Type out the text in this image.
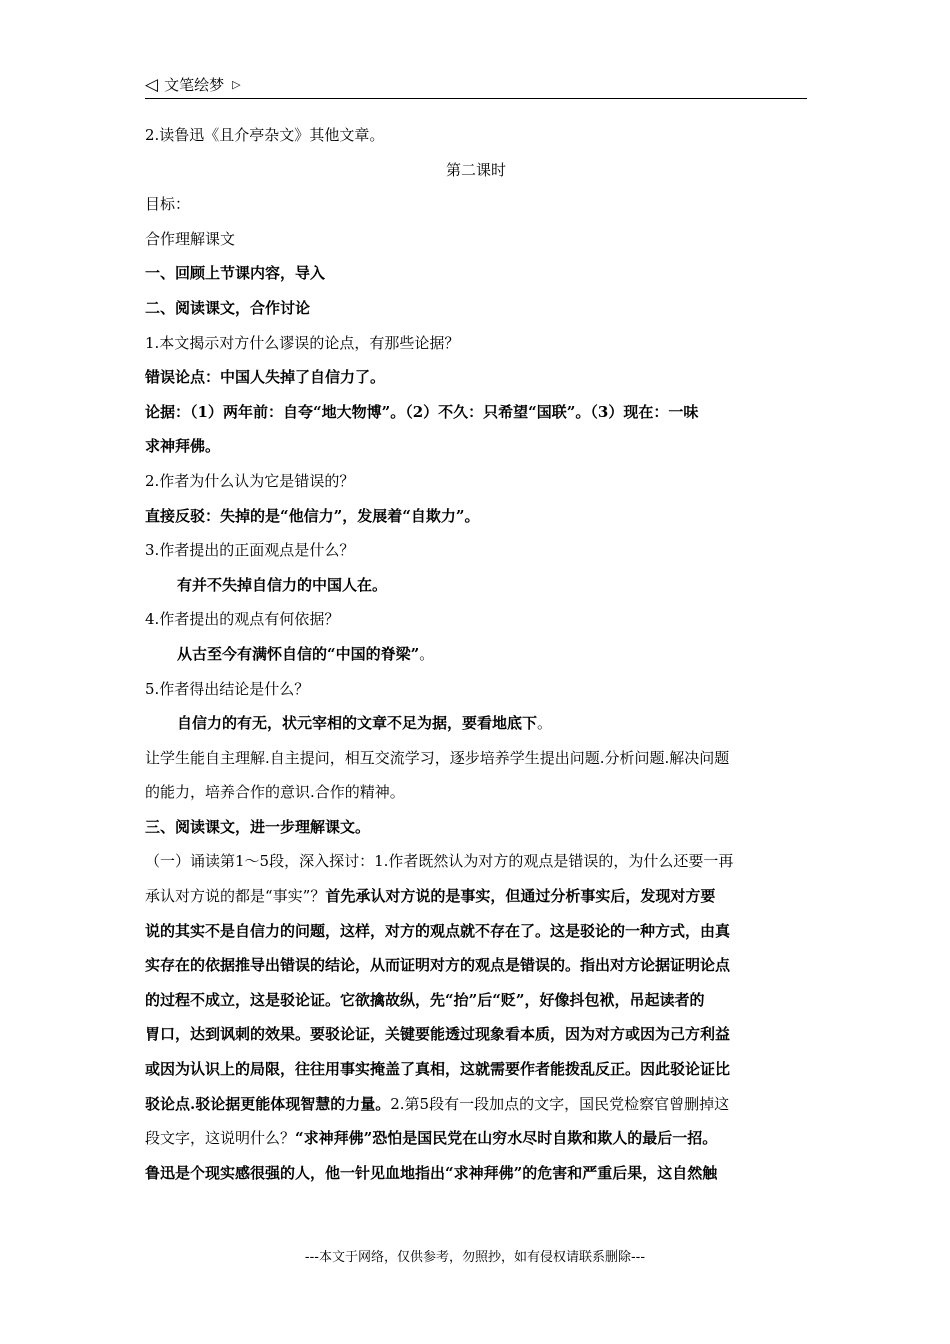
◁ 文笔绘梦 ▷
2.读鲁迅《且介亭杂文》其他文章。
第二课时
目标：
合作理解课文
一、回顾上节课内容，导入
二、阅读课文，合作讨论
1.本文揭示对方什么谬误的论点，有那些论据？
错误论点：中国人失掉了自信力了。
论据：（1）两年前：自夸“地大物博”。（2）不久：只希望“国联”。（3）现在：一味
求神拜佛。
2.作者为什么认为它是错误的？
直接反驳：失掉的是“他信力”，发展着“自欺力”。
3.作者提出的正面观点是什么？
有并不失掉自信力的中国人在。
4.作者提出的观点有何依据？
从古至今有满怀自信的“中国的脊梁”。
5.作者得出结论是什么？
自信力的有无，状元宰相的文章不足为据，要看地底下。
让学生能自主理解.自主提问，相互交流学习，逐步培养学生提出问题.分析问题.解决问题
的能力，培养合作的意识.合作的精神。
三、阅读课文，进一步理解课文。
（一）诵读第1～5段，深入探讨：1.作者既然认为对方的观点是错误的，为什么还要一再
承认对方说的都是“事实”？首先承认对方说的是事实，但通过分析事实后，发现对方要
说的其实不是自信力的问题，这样，对方的观点就不存在了。这是驳论的一种方式，由真
实存在的依据推导出错误的结论，从而证明对方的观点是错误的。指出对方论据证明论点
的过程不成立，这是驳论证。它欲擒故纵，先“抬”后“贬”，好像抖包袱，吊起读者的
胃口，达到讽刺的效果。要驳论证，关键要能透过现象看本质，因为对方或因为己方利益
或因为认识上的局限，往往用事实掩盖了真相，这就需要作者能拨乱反正。因此驳论证比
驳论点.驳论据更能体现智慧的力量。2.第5段有一段加点的文字，国民党检察官曾删掉这
段文字，这说明什么？“求神拜佛”恐怕是国民党在山穷水尽时自欺和欺人的最后一招。
鲁迅是个现实感很强的人，他一针见血地指出“求神拜佛”的危害和严重后果，这自然触
---本文于网络，仅供参考，勿照抄，如有侵权请联系删除---
